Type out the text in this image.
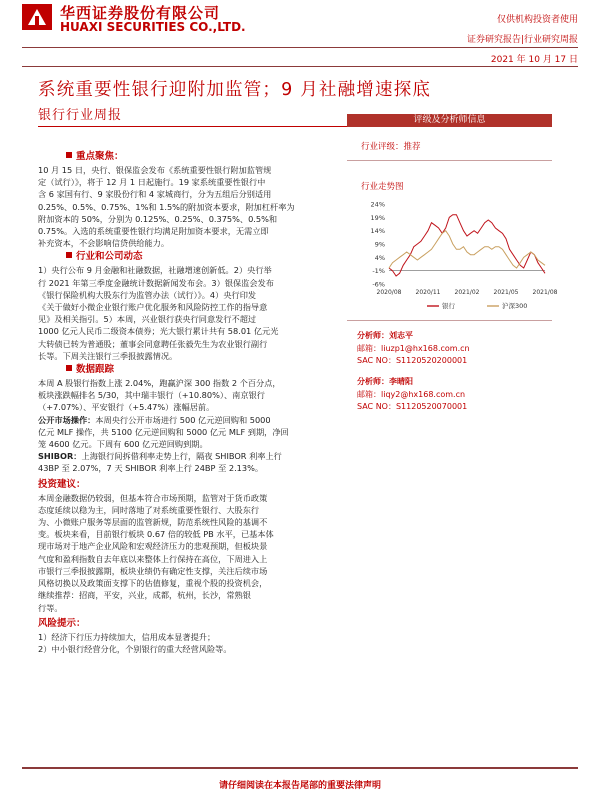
华西证券股份有限公司
HUAXI SECURITIES CO.,LTD.	仅供机构投资者使用
证券研究报告|行业研究周报
2021 年 10 月 17 日
系统重要性银行迎附加监管；9 月社融增速探底
银行行业周报
重点聚焦：

10 月 15 日，央行、银保监会发布《系统重要性银行附加监管规

定（试行）》，将于 12 月 1 日起施行。19 家系统重要性银行中

含 6 家国有行、9 家股份行和 4 家城商行，分为五组后分别适用

0.25%、0.5%、0.75%、1%和 1.5%的附加资本要求，附加杠杆率为

附加资本的 50%，分别为 0.125%、0.25%、0.375%、0.5%和

0.75%。入选的系统重要性银行均满足附加资本要求，无需立即

补充资本，不会影响信贷供给能力。

行业和公司动态

1）央行公布 9 月金融和社融数据，社融增速创新低。2）央行举

行 2021 年第三季度金融统计数据新闻发布会。3）银保监会发布

《银行保险机构大股东行为监管办法（试行）》。4）央行印发

《关于做好小微企业银行账户优化服务和风险防控工作的指导意

见》及相关指引。5）本周，兴业银行获央行同意发行不超过

1000 亿元人民币二级资本债券；光大银行累计共有 58.01 亿元光

大转债已转为普通股；董事会同意聘任张毅先生为农业银行副行

长等。下周关注银行三季报披露情况。

数据跟踪

本周 A 股银行指数上涨 2.04%，跑赢沪深 300 指数 2 个百分点，

板块涨跌幅排名 5/30，其中瑞丰银行（+10.80%）、南京银行

（+7.07%）、平安银行（+5.47%）涨幅居前。

公开市场操作：本周央行公开市场进行 500 亿元逆回购和 5000

亿元 MLF 操作，共 5100 亿元逆回购和 5000 亿元 MLF 到期，净回

笼 4600 亿元。下周有 600 亿元逆回购到期。

SHIBOR：上海银行间拆借利率走势上行，隔夜 SHIBOR 利率上行

43BP 至 2.07%，7 天 SHIBOR 利率上行 24BP 至 2.13%。

投资建议：

本周金融数据仍较弱，但基本符合市场预期，监管对于货币政策

态度延续以稳为主，同时落地了对系统重要性银行、大股东行

为、小微账户服务等层面的监管新规，防范系统性风险的基调不

变。板块来看，目前银行板块 0.67 倍的较低 PB 水平，已基本体

现市场对于地产企业风险和宏观经济压力的悲观预期，但板块景

气度和盈利指数自去年底以来整体上行保持在高位，下周进入上

市银行三季报披露期，板块业绩仍有确定性支撑，关注后续市场

风格切换以及政策面支撑下的估值修复，重视个股的投资机会，

继续推荐：招商，平安，兴业，成都，杭州，长沙，常熟银

行等。

风险提示：

1）经济下行压力持续加大，信用成本显著提升；

2）中小银行经营分化，个别银行的重大经营风险等。

评级及分析师信息
行业评级：推荐
行业走势图
24%
19%
14%
9%
4%
-1%
-6%
2020/08 2020/11 2021/02 2021/05 2021/08
银行	沪深300
分析师：刘志平
邮箱：liuzp1@hx168.com.cn
SAC NO：S1120520200001
分析师：李晴阳
邮箱：liqy2@hx168.com.cn
SAC NO：S1120520070001
请仔细阅读在本报告尾部的重要法律声明
